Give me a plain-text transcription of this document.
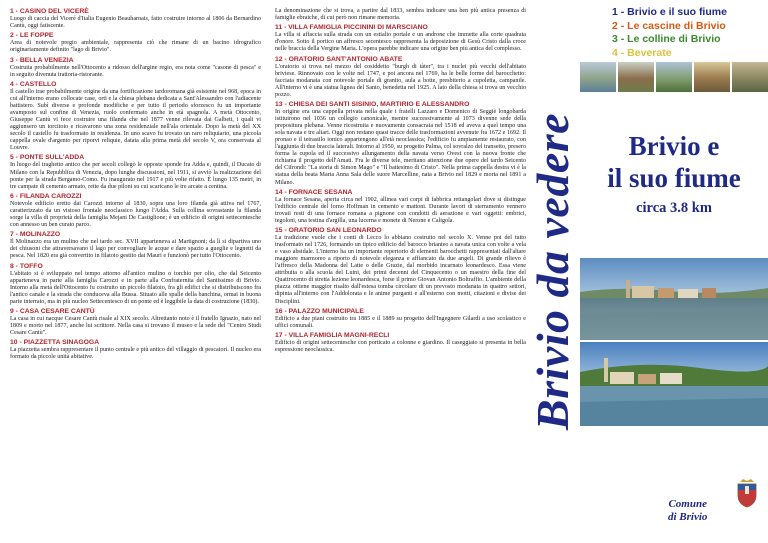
1 - CASINO DEL VICERÈ
Luogo di caccia del Viceré d'Italia Eugenio Beauharnais, fatto costruire intorno al 1806 da Bernardino Cantù, oggi fatiscente.
2 - LE FOPPE
Area di notevole pregio ambientale, rappresenta ciò che rimane di un bacino idrografico originariamente definito "lago di Brivio".
3 - BELLA VENEZIA
Costruita probabilmente nell'Ottocento a ridosso dell'argine regio, era nota come "casone di pesca" e in seguito divenuta trattoria-ristorante.
4 - CASTELLO
Il castello trae probabilmente origine da una fortificazione tardoromana già esistente nel 968, epoca in cui all'interno erano collocate case, orti e la chiesa plebana dedicata a Sant'Alessandro con l'adiacente battistero. Subì diverse e profonde modifiche e per tutto il periodo sforzesco fu un importante avamposto sul confine di Venezia, ruolo confermato anche in età spagnola. A metà Ottocento, Giuseppe Cantù vi fece costruire una filanda che nel 1877 venne rilevata dai Galbett, i quali vi aggiunsero un torcitoio e ricavarono una zona residenziale nell'ala orientale. Dopo la metà del XX secolo il castello fu trasformato in residenza. In uno scavo fu trovato un raro reliquiario, una piccola cappella ovale d'argento per riporvi reliquie, datata alla prima metà del secolo V, ora conservata al Louvre.
5 - PONTE SULL'ADDA
In luogo del traghetto antico che per secoli collegò le opposte sponde fra Adda e, quindi, il Ducato di Milano con la Repubblica di Venezia, dopo lunghe discussioni, nel 1911, si avviò la realizzazione del ponte per la strada Bergamo-Como. Fu inaugurato nel 1917 e più volte rifatto. È lungo 135 metri, in tre campate di cemento armato, rette da due piloni su cui scaricano le tre arcate a centina.
6 - FILANDA CAROZZI
Notevole edificio eretto dai Carozzi intorno al 1830, sopra una loro filanda già attiva nel 1767, caratterizzato da un vistoso frontale neoclassico lungo l'Adda. Sulla collina sovrastante la filanda sorge la villa di proprietà della famiglia Mejani De Castiglione; è un edificio di origini settecentesche con annesso un ben curato parco.
7 - MOLINAZZO
Il Molinazzo era un mulino che nel tardo sec. XVII apparteneva ai Martignoni; da lì si dipartiva uno dei chiusoni che attraversavano il lago per convogliare le acque e dare spazio a gueglie e legnetti da pesca. Nel 1820 era già convertito in filatoio gestito dai Mauri e funzionò per tutto l'Ottocento.
8 - TOFFO
L'abitato si è sviluppato nel tempo attorno all'antico mulino o torchio per olio, che dal Seicento apparteneva in parte alla famiglia Carozzi e in parte alla Confraternita del Santissimo di Brivio. Intorno alla metà dell'Ottocento fu costruito un piccolo filatoio, fra gli edifici che si distribuiscono fra l'antico canale e la strada che conduceva alla Bussa. Situato alle spalle della banchina, ormai in buona parte interrato, ma in più nucleo Settecentesco di un ponte ed è leggibile la data di costruzione (1830).
9 - CASA CESARE CANTÙ
La casa in cui nacque Cesare Cantù risale al XIX secolo. Altrettanto noto è il fratello Ignazio, nato nel 1809 e morto nel 1877, anche lui scrittore. Nella casa si trovano il museo e la sede del "Centro Studi Cesare Cantù".
10 - PIAZZETTA SINAGOGA
La piazzetta sembra rappresentare il punto centrale e più antico del villaggio di pescatori. Il nucleo era formato da piccole unità abitative.
La denominazione che si trova, a partire dal 1833, sembra indicare una ben più antica presenza di famiglie ebraiche, di cui però non rimane memoria.
11 - VILLA FAMIGLIA PICCININI DI MARSCIANO
La villa si affaccia sulla strada con un estialio portale e un androne che immette alla corte quadrata d'onore. Sotto il portico un affresco secentesco rappresenta la deposizione di Gesù Cristo dalla croce nelle braccia della Vergine Maria. L'opera parebbe indicare una origine ben più antica del complesso.
12 - ORATORIO SANT'ANTONIO ABATE
L'oratorio si trova nel mezzo del cosiddetto "burgh di tàter", tra i nuclei più vecchi dell'abitato briviese. Rinnovato con le volte nel 1747, e poi ancora nel 1769, ha le belle forme del barocchetto: facciata modanata con notevole portale di granito, aula a botte, presbiterio a cupoletta, campanile. All'interno vi è una statua lignea del Santo, benedetta nel 1925. A lato della chiesa si trova un vecchio pozzo.
13 - CHIESA DEI SANTI SISINIO, MARTIRIO E ALESSANDRO
In origine era una cappella privata nella quale i fratelli Lazzaro e Domenico di Seggiè longobarda istituirono nel 1036 un collegio canonicale, mentre successivamente al 1073 divenne sede della prepositura plebana. Venne ricostruita e nuovamente consacrata nel 1518 ed aveva a quel tempo una sola navata e tre altari. Oggi non restano quasi tracce delle trasformazioni avvenute fra 1672 e 1692. Il pronao e il tetrastilo ionico appartengono all'età neoclassica; l'edificio fu ampiamente restaurato, con l'aggiunta di due braccia laterali. Intorno al 1950, su progetto Palma, col sovralzo del transetto, presero forma la cupola ed il successivo allungamento della navata verso Ovest con la nuova fronte che richiama il progetto dell'Amati. Fra le diverse tele, meritano attenzione due opere del tardo Seicento del Cifrondi: "La storia di Simon Mago" e "Il battesimo di Cristo". Nella prima cappella destra vi è la statua della beata Maria Anna Sala delle suore Marcelline, nata a Brivio nel 1829 e morta nel 1891 a Milano.
14 - FORNACE SESANA
La fornace Sesana, aperta circa nel 1902, allinea vari corpi di fabbrica rettangolari dove si distingue l'edificio centrale del forno Hoffman in cemento e mattoni. Durante lavori di sterramento vennero trovati resti di una fornace romana a pignone con condotti di aerazione e vari oggetti: embrici, tegoloni, una testina d'argilla, una lucerna e monete di Nerone e Caligola.
15 - ORATORIO SAN LEONARDO
La tradizione vuole che i conti di Lecco lo abbiano costruito nel secolo X. Venne poi del tutto trasformato nel 1726, formando un tipico edificio del barocco brianteo a navata unica con volte a vela e vaso absidale. L'interno ha un importante repertorio di elementi barocchetti rappresentati dall'altare maggiore marmoreo a riporto di notevole eleganza e affiancato da due angeli. Di grande rilievo è l'affresco della Madonna del Latte o delle Grazie, dal morbido incarnato leonardesco. Essa viene attribuita o alla scuola del Luini, dei primi decenni del Cinquecento o un maestro della fine del Quattrocento di stretta lezione leonardesca, forse il primo Giovan Antonio Boltraffio. L'ambiente della piazza ottiene maggior risalto dall'estesa tomba circolare di un prevosto modanata in quattro settori, dipinta all'interno con l'Addolorata e le anime purganti e all'esterno con motti, citazioni e divise dei Disciplini.
16 - PALAZZO MUNICIPALE
Edificio a due piani costruito tra 1885 e il 1889 su progetto dell'Ingegnere Gilardi a uso scolastico e uffici comunali.
17 - VILLA FAMIGLIA MAGNI-RECLI
Edificio di origini settecentesche con porticato a colonne e giardino. Il caseggiato si presenta in bella espressione neoclassica.	Brivio da vedere
1 - Brivio e il suo fiume
2 - Le cascine di Brivio
3 - Le colline di Brivio
4 - Beverate
Brivio e
il suo fiume
circa 3.8 km
Comune
di Brivio
